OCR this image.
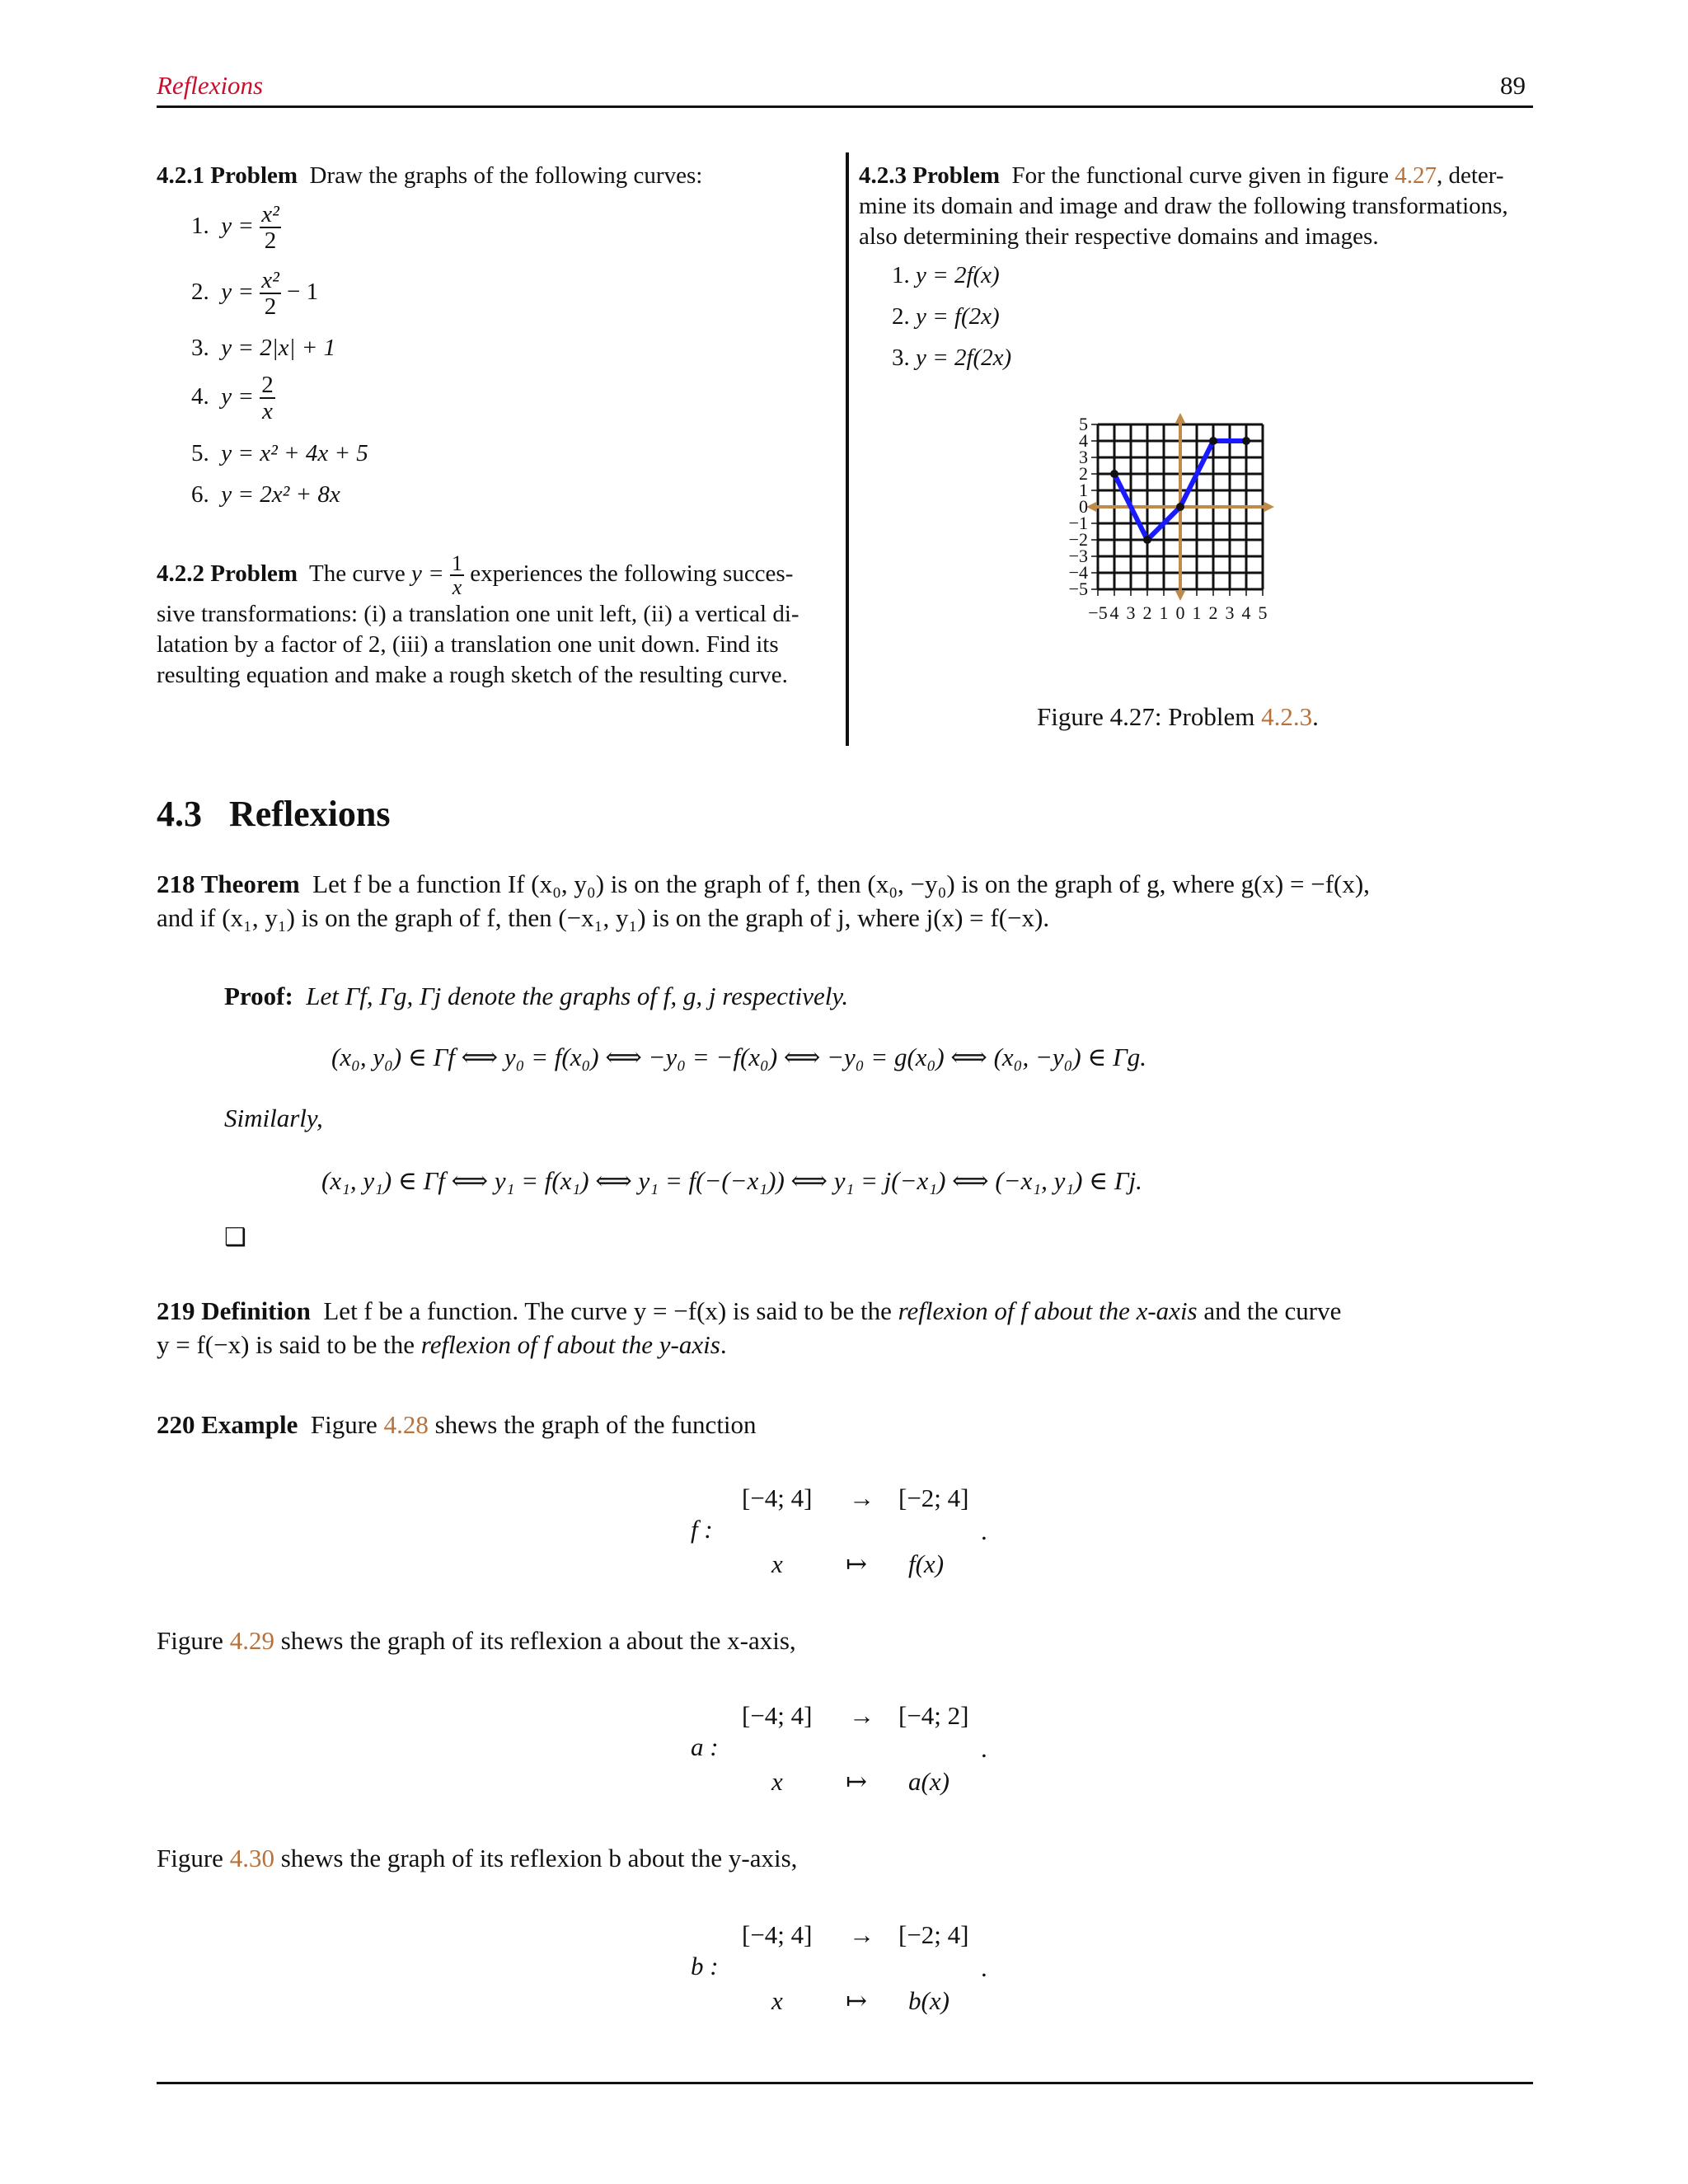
Reflexions	89
4.2.1 Problem Draw the graphs of the following curves:
1. $y = \frac{\text{x²}}{2}$
2. $y = \frac{\text{x²}}{2} - 1$
3. y = 2|x| + 1
4. $y = \frac{2}{x}$
5. y = x² + 4x + 5
6. y = 2x² + 8x
4.2.2 Problem The curve $y = \frac{1}{x}$ experiences the following succes-
sive transformations: (i) a translation one unit left, (ii) a vertical di-
latation by a factor of 2, (iii) a translation one unit down. Find its
resulting equation and make a rough sketch of the resulting curve.
4.2.3 Problem For the functional curve given in figure 4.27, deter-
mine its domain and image and draw the following transformations,
also determining their respective domains and images.
1. y = 2f(x)
2. y = f(2x)
3. y = 2f(2x)
5
4
3
2
1
0
−1
−2
−3
−4
−5
−5 4 3 2 1 0 1 2 3 4 5
Figure 4.27: Problem 4.2.3.
4.3 Reflexions
218 Theorem Let f be a function If (x₀, y₀) is on the graph of f, then (x₀, −y₀) is on the graph of g, where g(x) = −f(x),
and if (x₁, y₁) is on the graph of f, then (−x₁, y₁) is on the graph of j, where j(x) = f(−x).
Proof: Let Γf, Γg, Γj denote the graphs of f, g, j respectively.
(x₀, y₀) ∈ Γf ⟺ y₀ = f(x₀) ⟺ −y₀ = −f(x₀) ⟺ −y₀ = g(x₀) ⟺ (x₀, −y₀) ∈ Γg.
Similarly,
(x₁, y₁) ∈ Γf ⟺ y₁ = f(x₁) ⟺ y₁ = f(−(−x₁)) ⟺ y₁ = j(−x₁) ⟺ (−x₁, y₁) ∈ Γj.
❑
219 Definition Let f be a function. The curve y = −f(x) is said to be the reflexion of f about the x-axis and the curve
y = f(−x) is said to be the reflexion of f about the y-axis.
220 Example Figure 4.28 shews the graph of the function
f :
[−4; 4] → [−2; 4]
x ↦ f(x)
.
Figure 4.29 shews the graph of its reflexion a about the x-axis,
a :
[−4; 4] → [−4; 2]
x ↦ a(x)
.
Figure 4.30 shews the graph of its reflexion b about the y-axis,
b :
[−4; 4] → [−2; 4]
x ↦ b(x)
.
